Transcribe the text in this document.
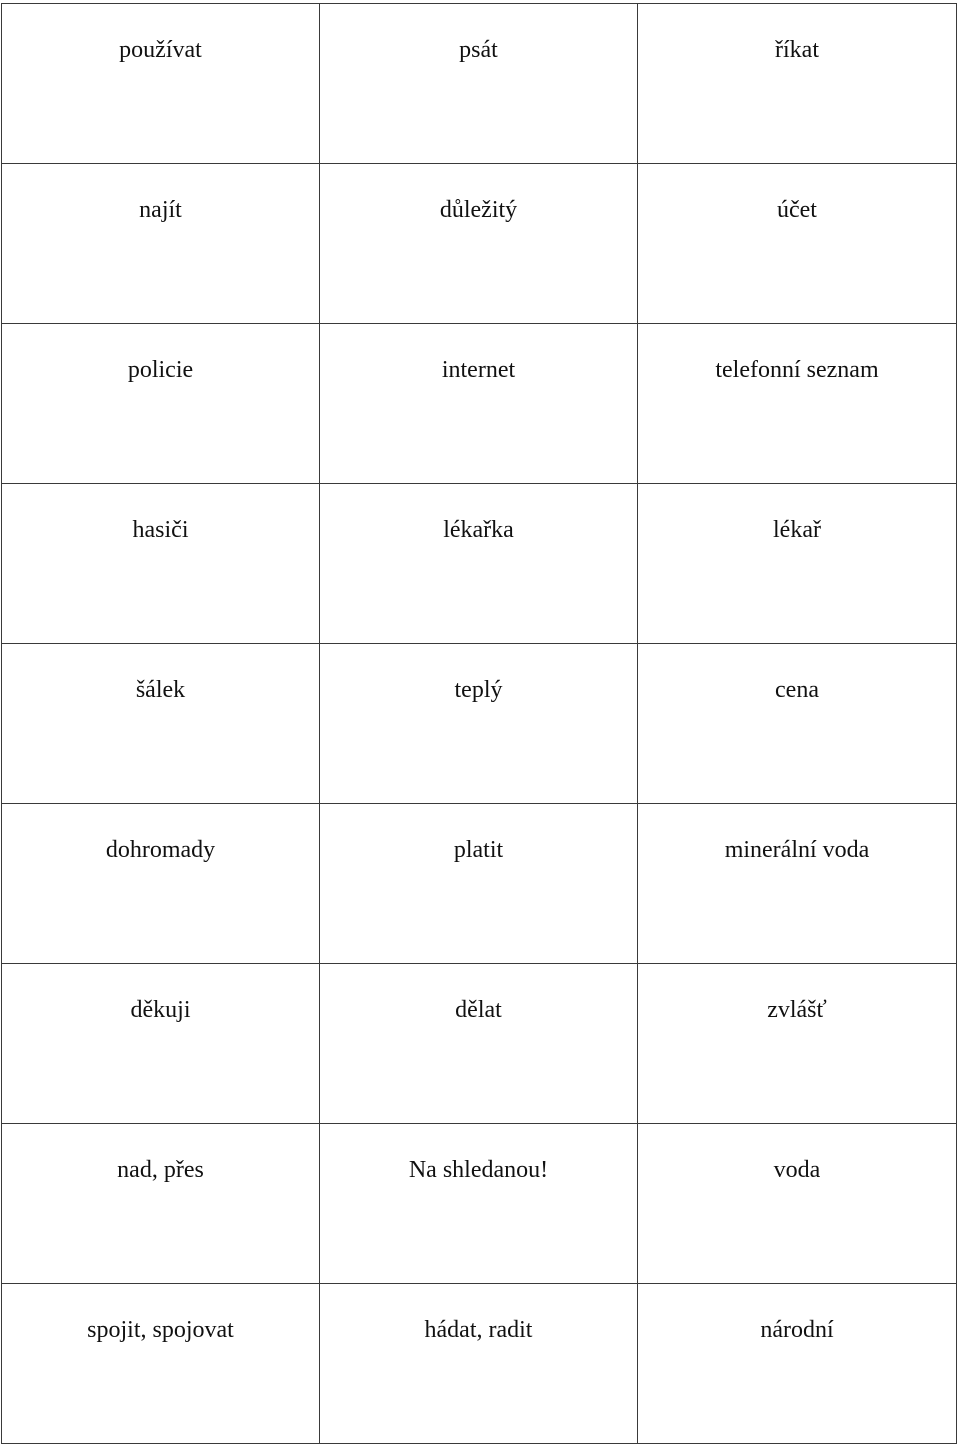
používat	psát	říkat

najít	důležitý	účet

policie	internet	telefonní seznam

hasiči	lékařka	lékař

šálek	teplý	cena

dohromady	platit	minerální voda

děkuji	dělat	zvlášť

nad, přes	Na shledanou!	voda

spojit, spojovat	hádat, radit	národní
